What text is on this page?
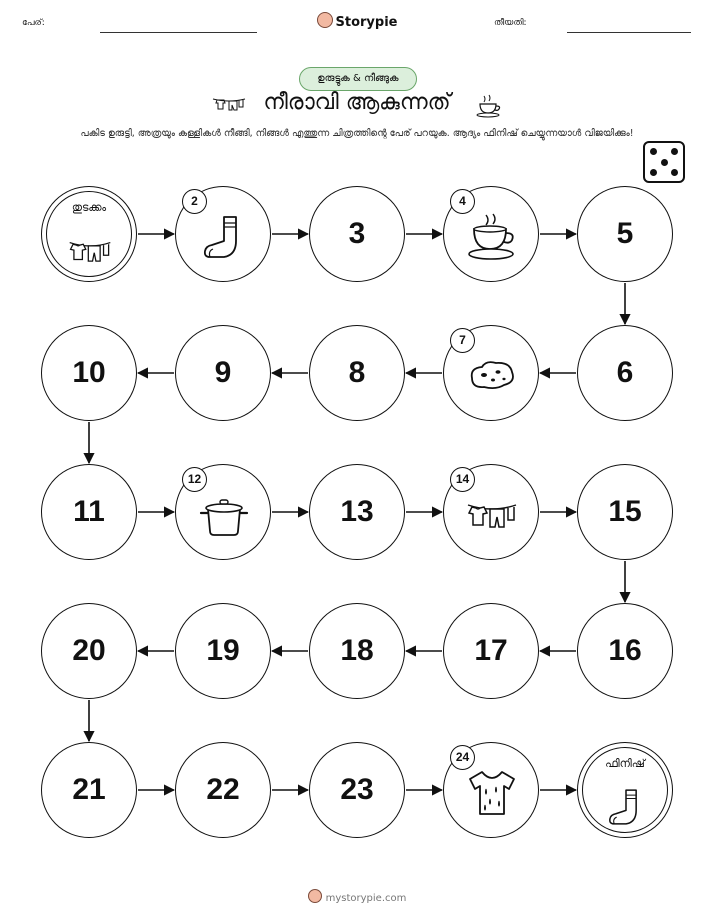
പേര്:	Storypie	തീയതി:
ഉരുട്ടുക & നീങ്ങുക
നീരാവി ആകുന്നത്
പകിട ഉരുട്ടി, അത്രയും കള്ളികൾ നീങ്ങി, നിങ്ങൾ എത്തുന്ന ചിത്രത്തിന്റെ പേര് പറയുക. ആദ്യം ഫിനിഷ് ചെയ്യുന്നയാൾ വിജയിക്കും!
തുടക്കം	2
3
4
5
6
7
8
9
10
11
12
13
14
15
16
17
18
19
20
21	22	23
24	ഫിനിഷ്
mystorypie.com
